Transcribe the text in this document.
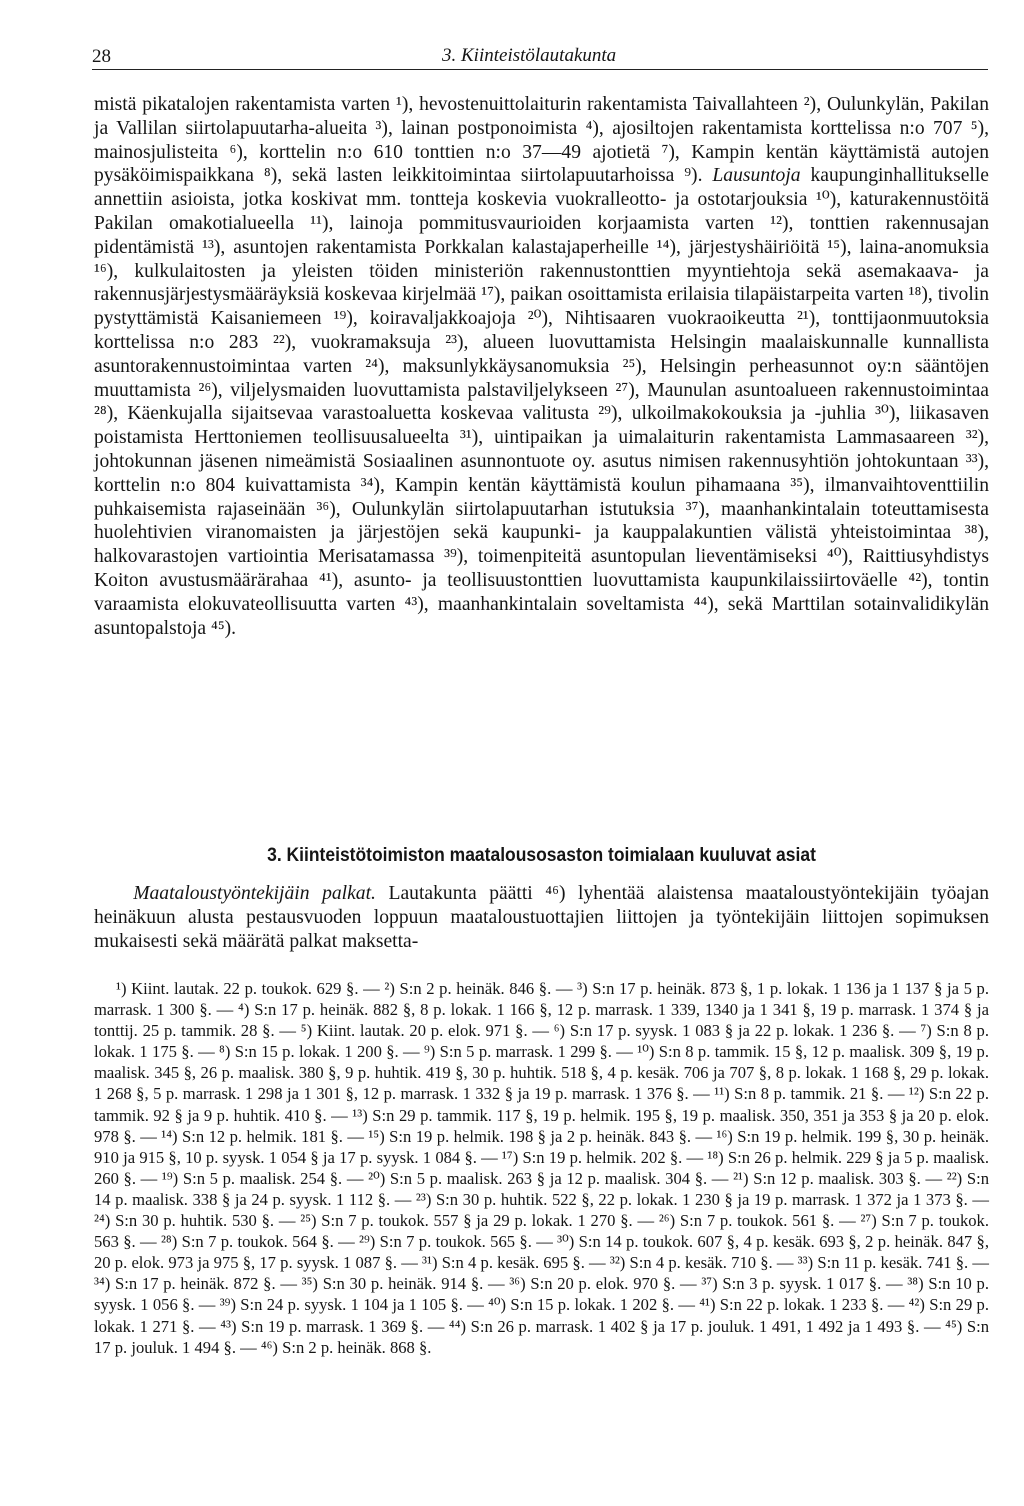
28	3. Kiinteistölautakunta

mistä pikatalojen rakentamista varten ¹), hevostenuittolaiturin rakentamista Taivallahteen ²), Oulunkylän, Pakilan ja Vallilan siirtolapuutarha-alueita ³), lainan postponoimista ⁴), ajosiltojen rakentamista korttelissa n:o 707 ⁵), mainosjulisteita ⁶), korttelin n:o 610 tonttien n:o 37—49 ajotietä ⁷), Kampin kentän käyttämistä autojen pysäköimispaikkana ⁸), sekä lasten leikkitoimintaa siirtolapuutarhoissa ⁹). Lausuntoja kaupunginhallitukselle annettiin asioista, jotka koskivat mm. tontteja koskevia vuokralleotto- ja ostotarjouksia ¹⁰), katurakennustöitä Pakilan omakotialueella ¹¹), lainoja pommitusvaurioiden korjaamista varten ¹²), tonttien rakennusajan pidentämistä ¹³), asuntojen rakentamista Porkkalan kalastajaperheille ¹⁴), järjestyshäiriöitä ¹⁵), laina-anomuksia ¹⁶), kulkulaitosten ja yleisten töiden ministeriön rakennustonttien myyntiehtoja sekä asemakaava- ja rakennusjärjestysmääräyksiä koskevaa kirjelmää ¹⁷), paikan osoittamista erilaisia tilapäistarpeita varten ¹⁸), tivolin pystyttämistä Kaisaniemeen ¹⁹), koiravaljakkoajoja ²⁰), Nihtisaaren vuokraoikeutta ²¹), tonttijaonmuutoksia korttelissa n:o 283 ²²), vuokramaksuja ²³), alueen luovuttamista Helsingin maalaiskunnalle kunnallista asuntorakennustoimintaa varten ²⁴), maksunlykkäysanomuksia ²⁵), Helsingin perheasunnot oy:n sääntöjen muuttamista ²⁶), viljelysmaiden luovuttamista palstaviljelykseen ²⁷), Maunulan asuntoalueen rakennustoimintaa ²⁸), Käenkujalla sijaitsevaa varastoaluetta koskevaa valitusta ²⁹), ulkoilmakokouksia ja -juhlia ³⁰), liikasaven poistamista Herttoniemen teollisuusalueelta ³¹), uintipaikan ja uimalaiturin rakentamista Lammasaareen ³²), johtokunnan jäsenen nimeämistä Sosiaalinen asunnontuote oy. asutus nimisen rakennusyhtiön johtokuntaan ³³), korttelin n:o 804 kuivattamista ³⁴), Kampin kentän käyttämistä koulun pihamaana ³⁵), ilmanvaihtoventtiilin puhkaisemista rajaseinään ³⁶), Oulunkylän siirtolapuutarhan istutuksia ³⁷), maanhankintalain toteuttamisesta huolehtivien viranomaisten ja järjestöjen sekä kaupunki- ja kauppalakuntien välistä yhteistoimintaa ³⁸), halkovarastojen vartiointia Merisatamassa ³⁹), toimenpiteitä asuntopulan lieventämiseksi ⁴⁰), Raittiusyhdistys Koiton avustusmäärärahaa ⁴¹), asunto- ja teollisuustonttien luovuttamista kaupunkilaissiirtoväelle ⁴²), tontin varaamista elokuvateollisuutta varten ⁴³), maanhankintalain soveltamista ⁴⁴), sekä Marttilan sotainvalidikylän asuntopalstoja ⁴⁵).

3. Kiinteistötoimiston maatalousosaston toimialaan kuuluvat asiat

  Maataloustyöntekijäin palkat. Lautakunta päätti ⁴⁶) lyhentää alaistensa maataloustyöntekijäin työajan heinäkuun alusta pestausvuoden loppuun maataloustuottajien liittojen ja työntekijäin liittojen sopimuksen mukaisesti sekä määrätä palkat maksetta-

¹) Kiint. lautak. 22 p. toukok. 629 §. — ²) S:n 2 p. heinäk. 846 §. — ³) S:n 17 p. heinäk. 873 §, 1 p. lokak. 1 136 ja 1 137 § ja 5 p. marrask. 1 300 §. — ⁴) S:n 17 p. heinäk. 882 §, 8 p. lokak. 1 166 §, 12 p. marrask. 1 339, 1340 ja 1 341 §, 19 p. marrask. 1 374 § ja tonttij. 25 p. tammik. 28 §. — ⁵) Kiint. lautak. 20 p. elok. 971 §. — ⁶) S:n 17 p. syysk. 1 083 § ja 22 p. lokak. 1 236 §. — ⁷) S:n 8 p. lokak. 1 175 §. — ⁸) S:n 15 p. lokak. 1 200 §. — ⁹) S:n 5 p. marrask. 1 299 §. — ¹⁰) S:n 8 p. tammik. 15 §, 12 p. maalisk. 309 §, 19 p. maalisk. 345 §, 26 p. maalisk. 380 §, 9 p. huhtik. 419 §, 30 p. huhtik. 518 §, 4 p. kesäk. 706 ja 707 §, 8 p. lokak. 1 168 §, 29 p. lokak. 1 268 §, 5 p. marrask. 1 298 ja 1 301 §, 12 p. marrask. 1 332 § ja 19 p. marrask. 1 376 §. — ¹¹) S:n 8 p. tammik. 21 §. — ¹²) S:n 22 p. tammik. 92 § ja 9 p. huhtik. 410 §. — ¹³) S:n 29 p. tammik. 117 §, 19 p. helmik. 195 §, 19 p. maalisk. 350, 351 ja 353 § ja 20 p. elok. 978 §. — ¹⁴) S:n 12 p. helmik. 181 §. — ¹⁵) S:n 19 p. helmik. 198 § ja 2 p. heinäk. 843 §. — ¹⁶) S:n 19 p. helmik. 199 §, 30 p. heinäk. 910 ja 915 §, 10 p. syysk. 1 054 § ja 17 p. syysk. 1 084 §. — ¹⁷) S:n 19 p. helmik. 202 §. — ¹⁸) S:n 26 p. helmik. 229 § ja 5 p. maalisk. 260 §. — ¹⁹) S:n 5 p. maalisk. 254 §. — ²⁰) S:n 5 p. maalisk. 263 § ja 12 p. maalisk. 304 §. — ²¹) S:n 12 p. maalisk. 303 §. — ²²) S:n 14 p. maalisk. 338 § ja 24 p. syysk. 1 112 §. — ²³) S:n 30 p. huhtik. 522 §, 22 p. lokak. 1 230 § ja 19 p. marrask. 1 372 ja 1 373 §. — ²⁴) S:n 30 p. huhtik. 530 §. — ²⁵) S:n 7 p. toukok. 557 § ja 29 p. lokak. 1 270 §. — ²⁶) S:n 7 p. toukok. 561 §. — ²⁷) S:n 7 p. toukok. 563 §. — ²⁸) S:n 7 p. toukok. 564 §. — ²⁹) S:n 7 p. toukok. 565 §. — ³⁰) S:n 14 p. toukok. 607 §, 4 p. kesäk. 693 §, 2 p. heinäk. 847 §, 20 p. elok. 973 ja 975 §, 17 p. syysk. 1 087 §. — ³¹) S:n 4 p. kesäk. 695 §. — ³²) S:n 4 p. kesäk. 710 §. — ³³) S:n 11 p. kesäk. 741 §. — ³⁴) S:n 17 p. heinäk. 872 §. — ³⁵) S:n 30 p. heinäk. 914 §. — ³⁶) S:n 20 p. elok. 970 §. — ³⁷) S:n 3 p. syysk. 1 017 §. — ³⁸) S:n 10 p. syysk. 1 056 §. — ³⁹) S:n 24 p. syysk. 1 104 ja 1 105 §. — ⁴⁰) S:n 15 p. lokak. 1 202 §. — ⁴¹) S:n 22 p. lokak. 1 233 §. — ⁴²) S:n 29 p. lokak. 1 271 §. — ⁴³) S:n 19 p. marrask. 1 369 §. — ⁴⁴) S:n 26 p. marrask. 1 402 § ja 17 p. jouluk. 1 491, 1 492 ja 1 493 §. — ⁴⁵) S:n 17 p. jouluk. 1 494 §. — ⁴⁶) S:n 2 p. heinäk. 868 §.
